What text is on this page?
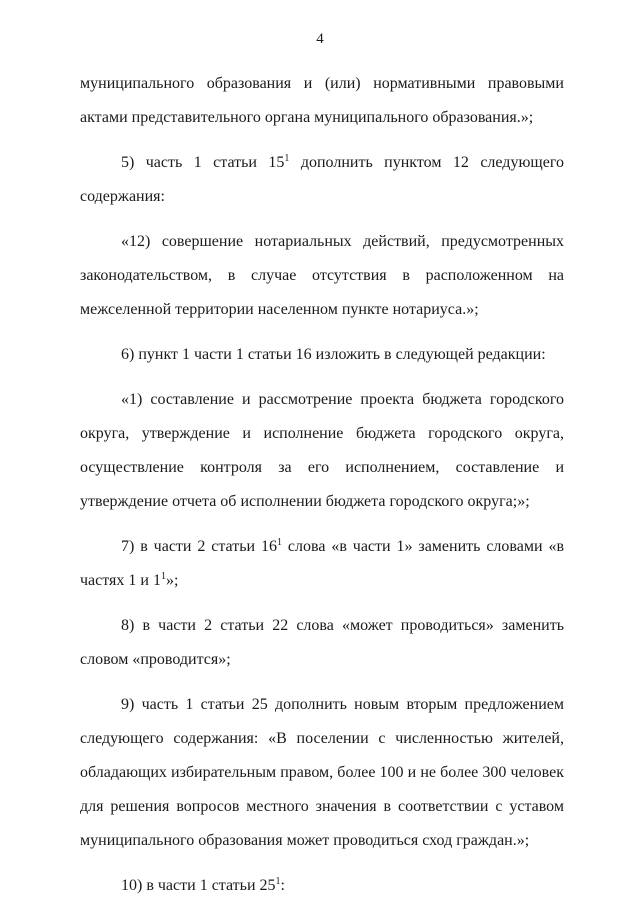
4

муниципального образования и (или) нормативными правовыми актами представительного органа муниципального образования.»;

5) часть 1 статьи $15^1$ дополнить пунктом 12 следующего содержания:

«12) совершение нотариальных действий, предусмотренных законодательством, в случае отсутствия в расположенном на межселенной территории населенном пункте нотариуса.»;

6) пункт 1 части 1 статьи 16 изложить в следующей редакции:

«1) составление и рассмотрение проекта бюджета городского округа, утверждение и исполнение бюджета городского округа, осуществление контроля за его исполнением, составление и утверждение отчета об исполнении бюджета городского округа;»;

7) в части 2 статьи $16^1$ слова «в части 1» заменить словами «в частях 1 и $1^1$»;

8) в части 2 статьи 22 слова «может проводиться» заменить словом «проводится»;

9) часть 1 статьи 25 дополнить новым вторым предложением следующего содержания: «В поселении с численностью жителей, обладающих избирательным правом, более 100 и не более 300 человек для решения вопросов местного значения в соответствии с уставом муниципального образования может проводиться сход граждан.»;

10) в части 1 статьи $25^1$:
